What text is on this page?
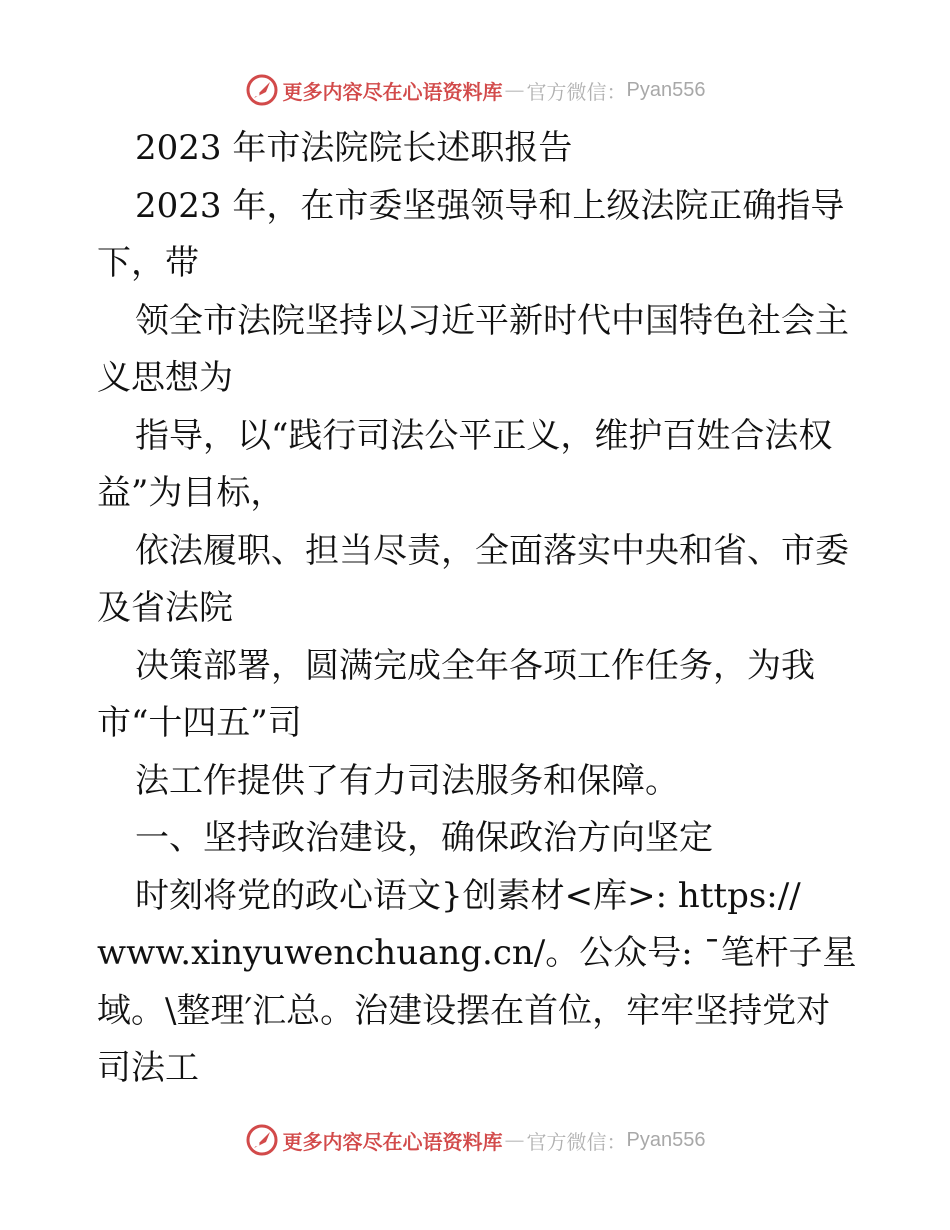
更多内容尽在心语资料库 — 官方微信： Pyan556
2023 年市法院院长述职报告
2023 年，在市委坚强领导和上级法院正确指导
下，带
领全市法院坚持以习近平新时代中国特色社会主
义思想为
指导，以“践行司法公平正义，维护百姓合法权
益”为目标，
依法履职、担当尽责，全面落实中央和省、市委
及省法院
决策部署，圆满完成全年各项工作任务，为我
市“十四五”司
法工作提供了有力司法服务和保障。
一、坚持政治建设，确保政治方向坚定
时刻将党的政心语文}创素材<库>: https://
www.xinyuwenchuang.cn/。公众号: ¯笔杆子星
域。\整理′汇总。治建设摆在首位，牢牢坚持党对
司法工
更多内容尽在心语资料库 — 官方微信： Pyan556
